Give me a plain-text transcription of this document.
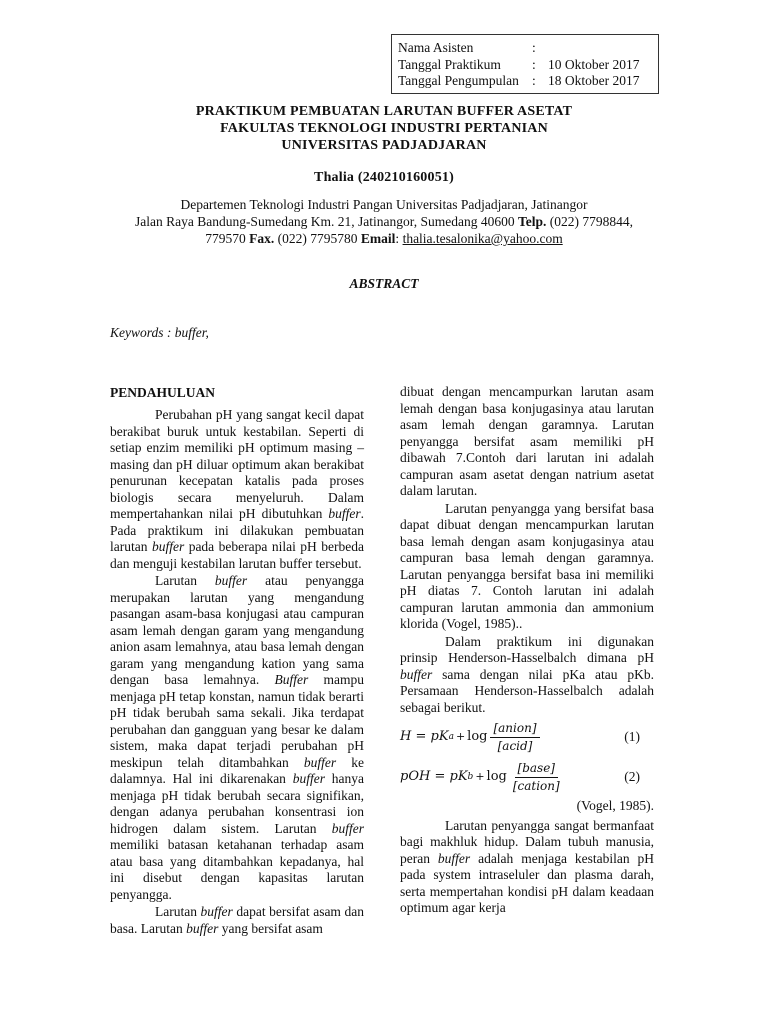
Nama Asisten	:
Tanggal Praktikum	: 10 Oktober 2017
Tanggal Pengumpulan : 18 Oktober 2017
PRAKTIKUM PEMBUATAN LARUTAN BUFFER ASETAT
FAKULTAS TEKNOLOGI INDUSTRI PERTANIAN
UNIVERSITAS PADJADJARAN
Thalia (240210160051)
Departemen Teknologi Industri Pangan Universitas Padjadjaran, Jatinangor
Jalan Raya Bandung-Sumedang Km. 21, Jatinangor, Sumedang 40600 Telp. (022) 7798844,
779570 Fax. (022) 7795780 Email: thalia.tesalonika@yahoo.com
ABSTRACT
Keywords : buffer,
PENDAHULUAN

Perubahan pH yang sangat kecil dapat berakibat buruk untuk kestabilan. Seperti di setiap enzim memiliki pH optimum masing – masing dan pH diluar optimum akan berakibat penurunan kecepatan katalis pada proses biologis secara menyeluruh. Dalam mempertahankan nilai pH dibutuhkan buffer. Pada praktikum ini dilakukan pembuatan larutan buffer pada beberapa nilai pH berbeda dan menguji kestabilan larutan buffer tersebut.

Larutan buffer atau penyangga merupakan larutan yang mengandung pasangan asam-basa konjugasi atau campuran asam lemah dengan garam yang mengandung anion asam lemahnya, atau basa lemah dengan garam yang mengandung kation yang sama dengan basa lemahnya. Buffer mampu menjaga pH tetap konstan, namun tidak berarti pH tidak berubah sama sekali. Jika terdapat perubahan dan gangguan yang besar ke dalam sistem, maka dapat terjadi perubahan pH meskipun telah ditambahkan buffer ke dalamnya. Hal ini dikarenakan buffer hanya menjaga pH tidak berubah secara signifikan, dengan adanya perubahan konsentrasi ion hidrogen dalam sistem. Larutan buffer memiliki batasan ketahanan terhadap asam atau basa yang ditambahkan kepadanya, hal ini disebut dengan kapasitas larutan penyangga.

Larutan buffer dapat bersifat asam dan basa. Larutan buffer yang bersifat asam

dibuat dengan mencampurkan larutan asam lemah dengan basa konjugasinya atau larutan asam lemah dengan garamnya. Larutan penyangga bersifat asam memiliki pH dibawah 7.Contoh dari larutan ini adalah campuran asam asetat dengan natrium asetat dalam larutan.

Larutan penyangga yang bersifat basa dapat dibuat dengan mencampurkan larutan basa lemah dengan asam konjugasinya atau campuran basa lemah dengan garamnya. Larutan penyangga bersifat basa ini memiliki pH diatas 7. Contoh larutan ini adalah campuran larutan ammonia dan ammonium klorida (Vogel, 1985)..

Dalam praktikum ini digunakan prinsip Henderson-Hasselbalch dimana pH buffer sama dengan nilai pKa atau pKb. Persamaan Henderson-Hasselbalch adalah sebagai berikut.

H = pK $a + \log \frac{\text{[anion]}}{\text{[acid]}}$	(1)
pOH = pK $b + \log \frac{\text{[base]}}{\text{[cation]}}$	(2)
(Vogel, 1985).

Larutan penyangga sangat bermanfaat bagi makhluk hidup. Dalam tubuh manusia, peran buffer adalah menjaga kestabilan pH pada system intraseluler dan plasma darah, serta mempertahan kondisi pH dalam keadaan optimum agar kerja
